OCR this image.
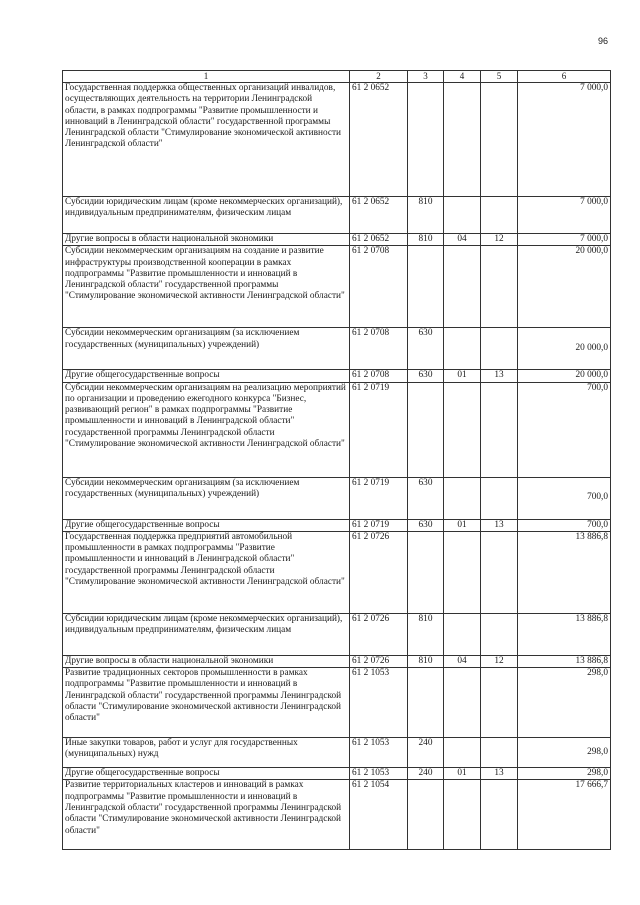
96
1	2	3	4	5	6
Государственная поддержка общественных организаций инвалидов, осуществляющих деятельность на территории Ленинградской области, в рамках подпрограммы "Развитие промышленности и инноваций в Ленинградской области" государственной программы Ленинградской области "Стимулирование экономической активности Ленинградской области"	61 2 0652				7 000,0
Субсидии юридическим лицам (кроме некоммерческих организаций), индивидуальным предпринимателям, физическим лицам	61 2 0652	810			7 000,0
Другие вопросы в области национальной экономики	61 2 0652	810	04	12	7 000,0
Субсидии некоммерческим организациям на создание и развитие инфраструктуры производственной кооперации в рамках подпрограммы "Развитие промышленности и инноваций в Ленинградской области" государственной программы "Стимулирование экономической активности Ленинградской области"	61 2 0708				20 000,0
Субсидии некоммерческим организациям (за исключением государственных (муниципальных) учреждений)	61 2 0708	630			20 000,0
Другие общегосударственные вопросы	61 2 0708	630	01	13	20 000,0
Субсидии некоммерческим организациям на реализацию мероприятий по организации и проведению ежегодного конкурса "Бизнес, развивающий регион" в рамках подпрограммы "Развитие промышленности и инноваций в Ленинградской области" государственной программы Ленинградской области "Стимулирование экономической активности Ленинградской области"	61 2 0719				700,0
Субсидии некоммерческим организациям (за исключением государственных (муниципальных) учреждений)	61 2 0719	630			700,0
Другие общегосударственные вопросы	61 2 0719	630	01	13	700,0
Государственная поддержка предприятий автомобильной промышленности в рамках подпрограммы "Развитие промышленности и инноваций в Ленинградской области" государственной программы Ленинградской области "Стимулирование экономической активности Ленинградской области"	61 2 0726				13 886,8
Субсидии юридическим лицам (кроме некоммерческих организаций), индивидуальным предпринимателям, физическим лицам	61 2 0726	810			13 886,8
Другие вопросы в области национальной экономики	61 2 0726	810	04	12	13 886,8
Развитие традиционных секторов промышленности в рамках подпрограммы "Развитие промышленности и инноваций в Ленинградской области" государственной программы Ленинградской области "Стимулирование экономической активности Ленинградской области"	61 2 1053				298,0
Иные закупки товаров, работ и услуг для государственных (муниципальных) нужд	61 2 1053	240			298,0
Другие общегосударственные вопросы	61 2 1053	240	01	13	298,0
Развитие территориальных кластеров и инноваций в рамках подпрограммы "Развитие промышленности и инноваций в Ленинградской области" государственной программы Ленинградской области "Стимулирование экономической активности Ленинградской области"	61 2 1054				17 666,7
